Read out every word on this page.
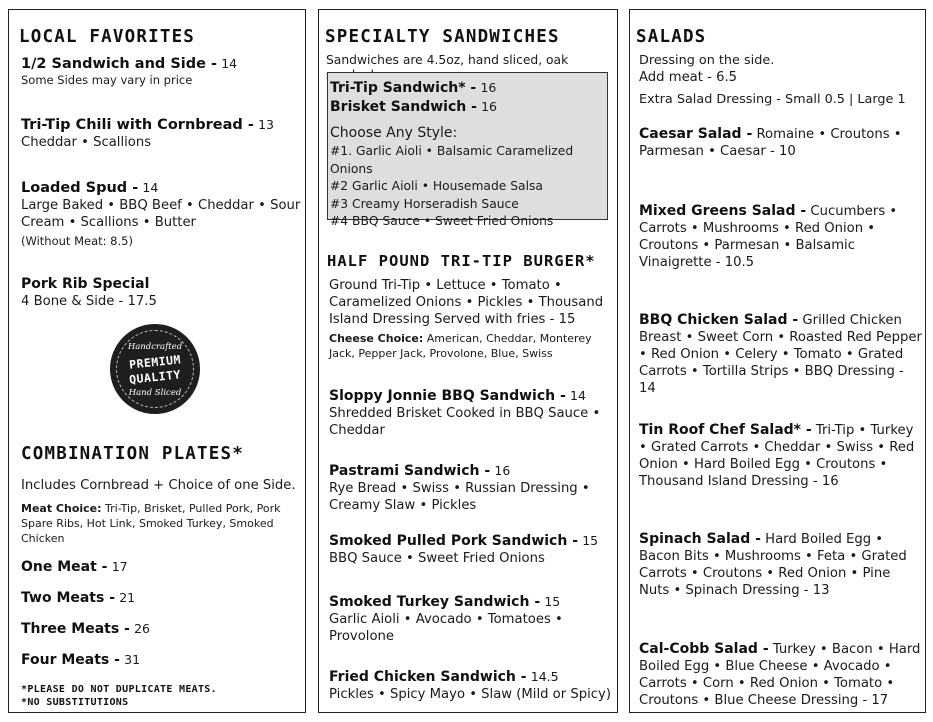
LOCAL FAVORITES
1/2 Sandwich and Side - 14
Some Sides may vary in price
Tri-Tip Chili with Cornbread - 13
Cheddar • Scallions
Loaded Spud - 14
Large Baked • BBQ Beef • Cheddar • Sour Cream • Scallions • Butter
(Without Meat: 8.5)
Pork Rib Special
4 Bone & Side - 17.5
Handcrafted
PREMIUM
QUALITY
Hand Sliced
COMBINATION PLATES*
Includes Cornbread + Choice of one Side.
Meat Choice: Tri-Tip, Brisket, Pulled Pork, Pork Spare Ribs, Hot Link, Smoked Turkey, Smoked Chicken
One Meat - 17
Two Meats - 21
Three Meats - 26
Four Meats - 31
*PLEASE DO NOT DUPLICATE MEATS.
*NO SUBSTITUTIONS
SPECIALTY SANDWICHES
Sandwiches are 4.5oz, hand sliced, oak
Tri-Tip Sandwich* - 16
Brisket Sandwich - 16
Choose Any Style:
#1. Garlic Aioli • Balsamic Caramelized Onions
#2 Garlic Aioli • Housemade Salsa
#3 Creamy Horseradish Sauce
#4 BBQ Sauce • Sweet Fried Onions
HALF POUND TRI-TIP BURGER*
Ground Tri-Tip • Lettuce • Tomato • Caramelized Onions • Pickles • Thousand Island Dressing Served with fries - 15
Cheese Choice: American, Cheddar, Monterey Jack, Pepper Jack, Provolone, Blue, Swiss
Sloppy Jonnie BBQ Sandwich - 14
Shredded Brisket Cooked in BBQ Sauce • Cheddar
Pastrami Sandwich - 16
Rye Bread • Swiss • Russian Dressing • Creamy Slaw • Pickles
Smoked Pulled Pork Sandwich - 15
BBQ Sauce • Sweet Fried Onions
Smoked Turkey Sandwich - 15
Garlic Aioli • Avocado • Tomatoes • Provolone
Fried Chicken Sandwich - 14.5
Pickles • Spicy Mayo • Slaw (Mild or Spicy)
SALADS
Dressing on the side.
Add meat - 6.5
Extra Salad Dressing - Small 0.5 | Large 1
Caesar Salad - Romaine • Croutons • Parmesan • Caesar - 10
Mixed Greens Salad - Cucumbers • Carrots • Mushrooms • Red Onion • Croutons • Parmesan • Balsamic Vinaigrette - 10.5
BBQ Chicken Salad - Grilled Chicken Breast • Sweet Corn • Roasted Red Pepper • Red Onion • Celery • Tomato • Grated Carrots • Tortilla Strips • BBQ Dressing - 14
Tin Roof Chef Salad* - Tri-Tip • Turkey • Grated Carrots • Cheddar • Swiss • Red Onion • Hard Boiled Egg • Croutons • Thousand Island Dressing - 16
Spinach Salad - Hard Boiled Egg • Bacon Bits • Mushrooms • Feta • Grated Carrots • Croutons • Red Onion • Pine Nuts • Spinach Dressing - 13
Cal-Cobb Salad - Turkey • Bacon • Hard Boiled Egg • Blue Cheese • Avocado • Carrots • Corn • Red Onion • Tomato • Croutons • Blue Cheese Dressing - 17
